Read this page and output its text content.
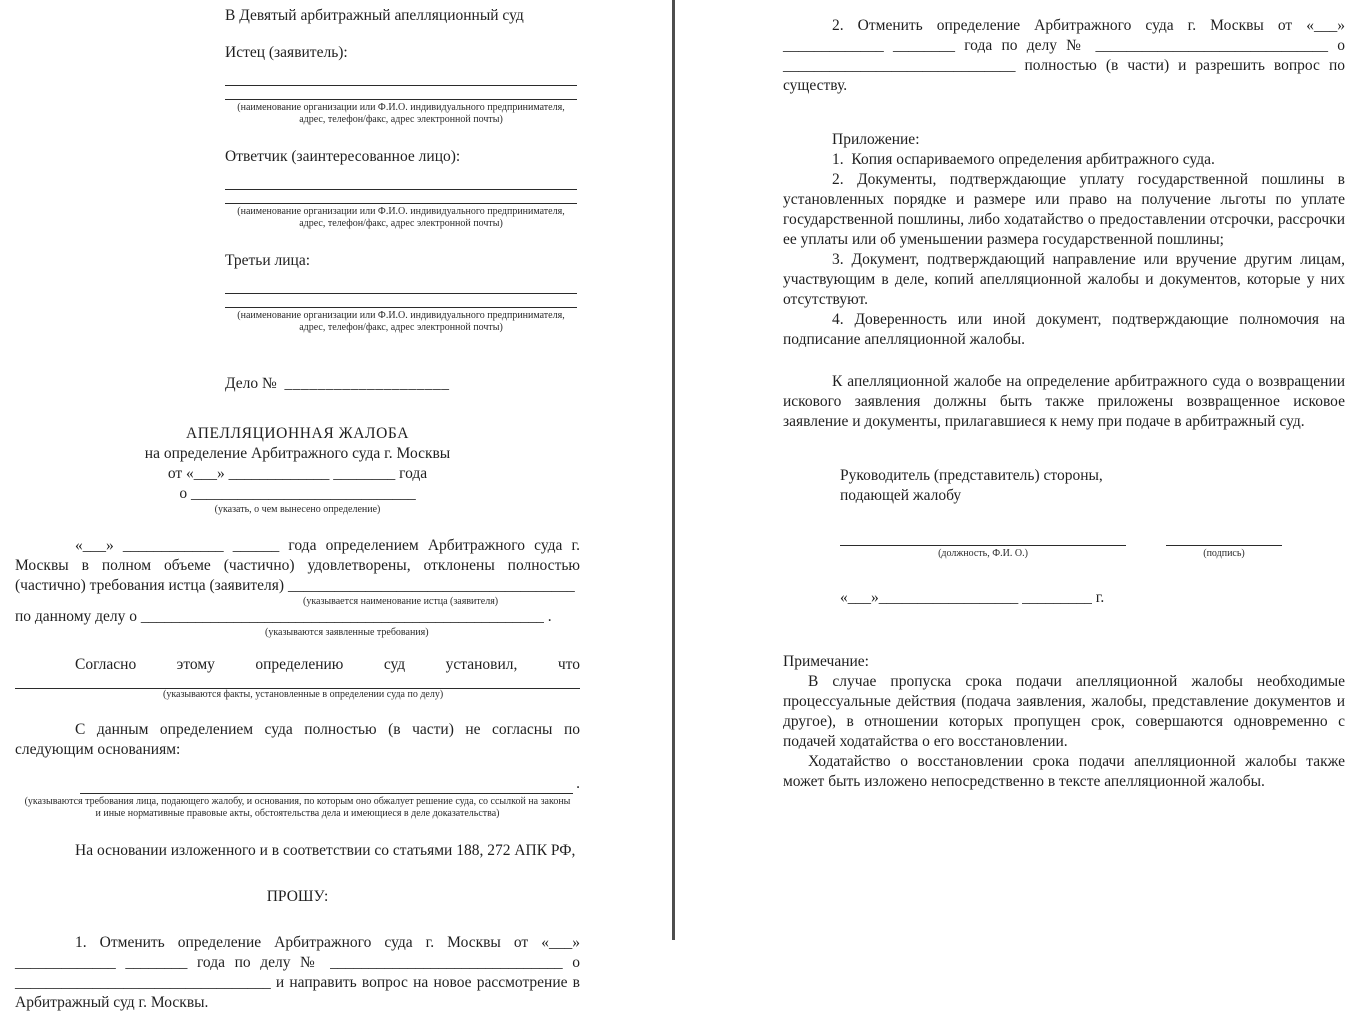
В Девятый арбитражный апелляционный суд

Истец (заявитель):

(наименование организации или Ф.И.О. индивидуального предпринимателя,
адрес, телефон/факс, адрес электронной почты)

Ответчик (заинтересованное лицо):

(наименование организации или Ф.И.О. индивидуального предпринимателя,
адрес, телефон/факс, адрес электронной почты)

Третьи лица:

(наименование организации или Ф.И.О. индивидуального предпринимателя,
адрес, телефон/факс, адрес электронной почты)

Дело № ____________________

АПЕЛЛЯЦИОННАЯ ЖАЛОБА

на определение Арбитражного суда г. Москвы

от «___» _____________ ________ года

о _____________________________

(указать, о чем вынесено определение)

«___» _____________ ______ года определением Арбитражного суда г. Москвы в полном объеме (частично) удовлетворены, отклонены полностью (частично) требования истца (заявителя) _____________________________________

(указывается наименование истца (заявителя)

по данному делу о ____________________________________________________ .

(указываются заявленные требования)

Согласно этому определению суд установил, что

(указываются факты, установленные в определении суда по делу)

С данным определением суда полностью (в части) не согласны по следующим основаниям:

.

(указываются требования лица, подающего жалобу, и основания, по которым оно обжалует решение суда, со ссылкой на законы и иные нормативные правовые акты, обстоятельства дела и имеющиеся в деле доказательства)

На основании изложенного и в соответствии со статьями 188, 272 АПК РФ,

ПРОШУ:

1. Отменить определение Арбитражного суда г. Москвы от «___» _____________ ________ года по делу № ______________________________ о _________________________________ и направить вопрос на новое рассмотрение в Арбитражный суд г. Москвы.

2. Отменить определение Арбитражного суда г. Москвы от «___» _____________ ________ года по делу № ______________________________ о ______________________________ полностью (в части) и разрешить вопрос по существу.

Приложение:

1.  Копия оспариваемого определения арбитражного суда.

2. Документы, подтверждающие уплату государственной пошлины в установленных порядке и размере или право на получение льготы по уплате государственной пошлины, либо ходатайство о предоставлении отсрочки, рассрочки ее уплаты или об уменьшении размера государственной пошлины;

3. Документ, подтверждающий направление или вручение другим лицам, участвующим в деле, копий апелляционной жалобы и документов, которые у них отсутствуют.

4. Доверенность или иной документ, подтверждающие полномочия на подписание апелляционной жалобы.

К апелляционной жалобе на определение арбитражного суда о возвращении искового заявления должны быть также приложены возвращенное исковое заявление и документы, прилагавшиеся к нему при подаче в арбитражный суд.

Руководитель (представитель) стороны,

подающей жалобу

(должность, Ф.И. О.)	(подпись)

«___»__________________ _________ г.

Примечание:

В случае пропуска срока подачи апелляционной жалобы необходимые процессуальные действия (подача заявления, жалобы, представление документов и другое), в отношении которых пропущен срок, совершаются одновременно с подачей ходатайства о его восстановлении.

Ходатайство о восстановлении срока подачи апелляционной жалобы также может быть изложено непосредственно в тексте апелляционной жалобы.
